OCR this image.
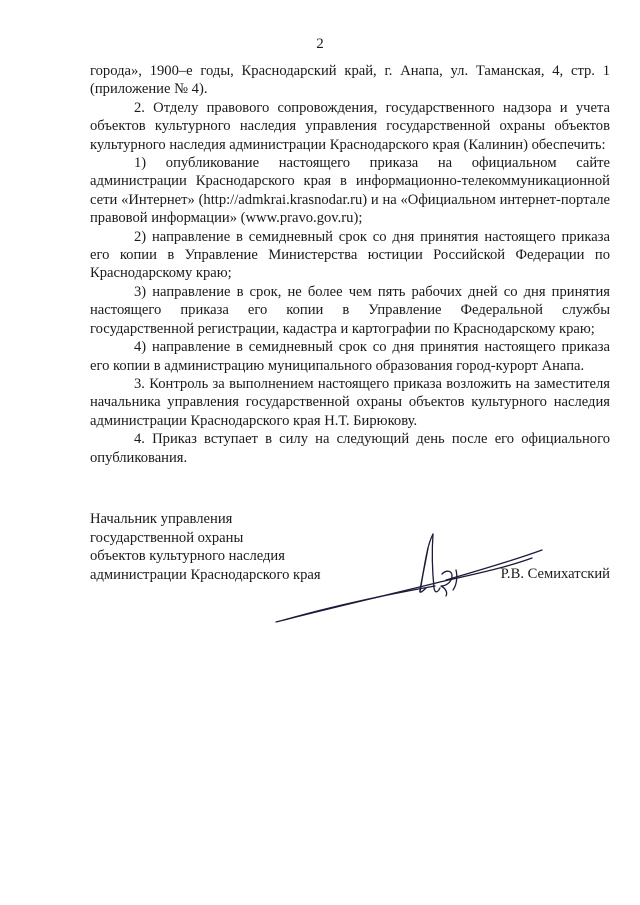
2

города», 1900–е годы, Краснодарский край, г. Анапа, ул. Таманская, 4, стр. 1 (приложение № 4).

2. Отделу правового сопровождения, государственного надзора и учета объектов культурного наследия управления государственной охраны объектов культурного наследия администрации Краснодарского края (Калинин) обеспечить:

1) опубликование настоящего приказа на официальном сайте администрации Краснодарского края в информационно-телекоммуникационной сети «Интернет» (http://admkrai.krasnodar.ru) и на «Официальном интернет-портале правовой информации» (www.pravo.gov.ru);

2) направление в семидневный срок со дня принятия настоящего приказа его копии в Управление Министерства юстиции Российской Федерации по Краснодарскому краю;

3) направление в срок, не более чем пять рабочих дней со дня принятия настоящего приказа его копии в Управление Федеральной службы государственной регистрации, кадастра и картографии по Краснодарскому краю;

4) направление в семидневный срок со дня принятия настоящего приказа его копии в администрацию муниципального образования город-курорт Анапа.

3. Контроль за выполнением настоящего приказа возложить на заместителя начальника управления государственной охраны объектов культурного наследия администрации Краснодарского края Н.Т. Бирюкову.

4. Приказ вступает в силу на следующий день после его официального опубликования.

Начальник управления
государственной охраны
объектов культурного наследия
администрации Краснодарского края	Р.В. Семихатский
